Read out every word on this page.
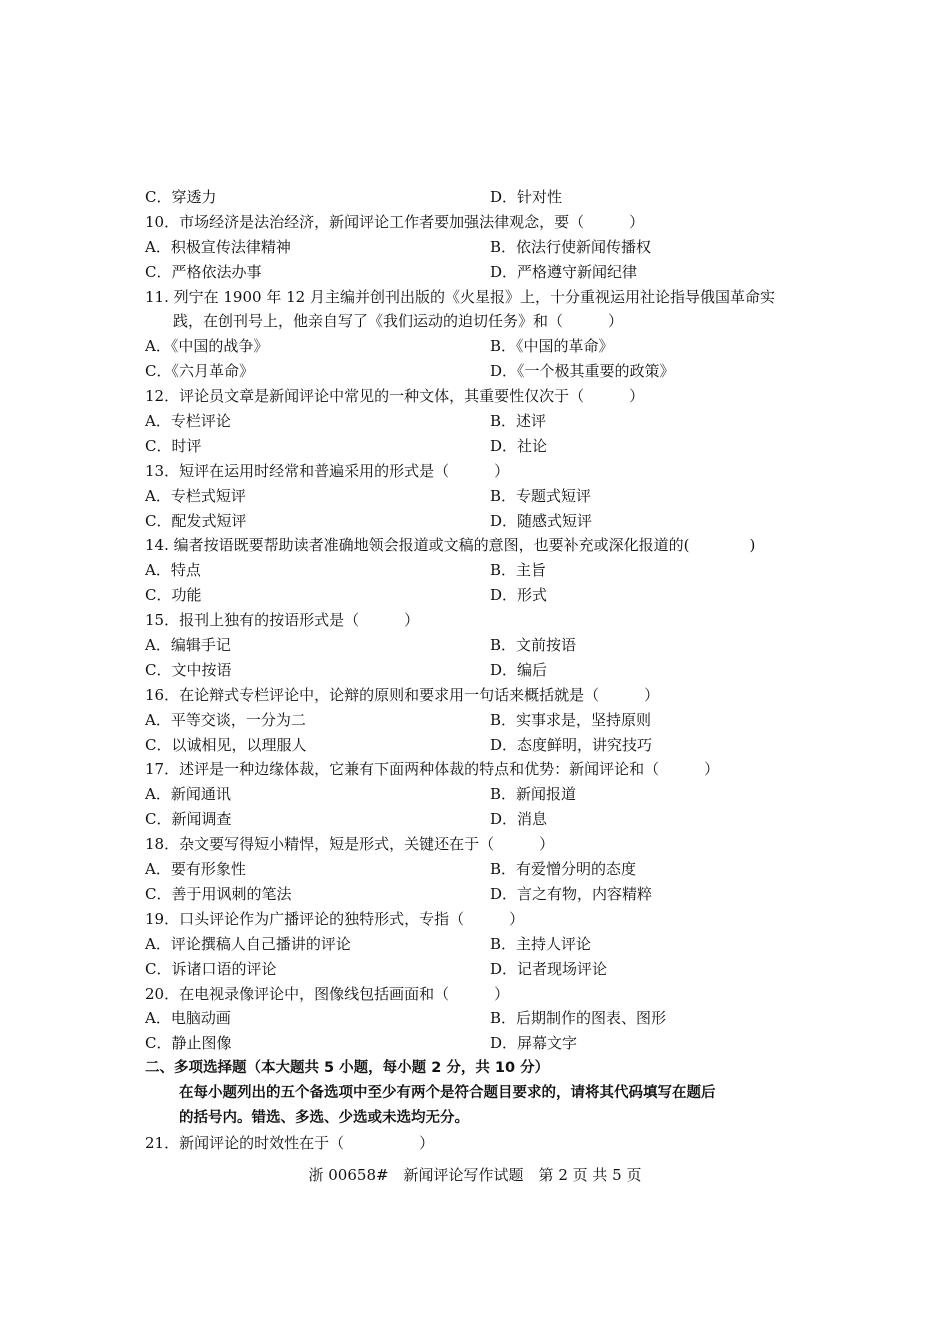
C．穿透力	D．针对性
10．市场经济是法治经济，新闻评论工作者要加强法律观念，要（　　　）
A．积极宣传法律精神	B．依法行使新闻传播权
C．严格依法办事	D．严格遵守新闻纪律
11. 列宁在 1900 年 12 月主编并创刊出版的《火星报》上，十分重视运用社论指导俄国革命实
践，在创刊号上，他亲自写了《我们运动的迫切任务》和（　　　）
A．《中国的战争》	B．《中国的革命》
C．《六月革命》	D．《一个极其重要的政策》
12．评论员文章是新闻评论中常见的一种文体，其重要性仅次于（　　　）
A．专栏评论	B．述评
C．时评	D．社论
13．短评在运用时经常和普遍采用的形式是（　　　）
A．专栏式短评	B．专题式短评
C．配发式短评	D．随感式短评
14. 编者按语既要帮助读者准确地领会报道或文稿的意图，也要补充或深化报道的(　　　　)
A．特点	B．主旨
C．功能	D．形式
15．报刊上独有的按语形式是（　　　）
A．编辑手记	B．文前按语
C．文中按语	D．编后
16．在论辩式专栏评论中，论辩的原则和要求用一句话来概括就是（　　　）
A．平等交谈，一分为二	B．实事求是，坚持原则
C．以诚相见，以理服人	D．态度鲜明，讲究技巧
17．述评是一种边缘体裁，它兼有下面两种体裁的特点和优势：新闻评论和（　　　）
A．新闻通讯	B．新闻报道
C．新闻调查	D．消息
18．杂文要写得短小精悍，短是形式，关键还在于（　　　）
A．要有形象性	B．有爱憎分明的态度
C．善于用讽刺的笔法	D．言之有物，内容精粹
19．口头评论作为广播评论的独特形式，专指（　　　）
A．评论撰稿人自己播讲的评论	B．主持人评论
C．诉诸口语的评论	D．记者现场评论
20．在电视录像评论中，图像线包括画面和（　　　）
A．电脑动画	B．后期制作的图表、图形
C．静止图像	D．屏幕文字
二、多项选择题（本大题共 5 小题，每小题 2 分，共 10 分）
在每小题列出的五个备选项中至少有两个是符合题目要求的，请将其代码填写在题后
的括号内。错选、多选、少选或未选均无分。
21．新闻评论的时效性在于（　　　　　）
浙 00658#　新闻评论写作试题　第 2 页 共 5 页
